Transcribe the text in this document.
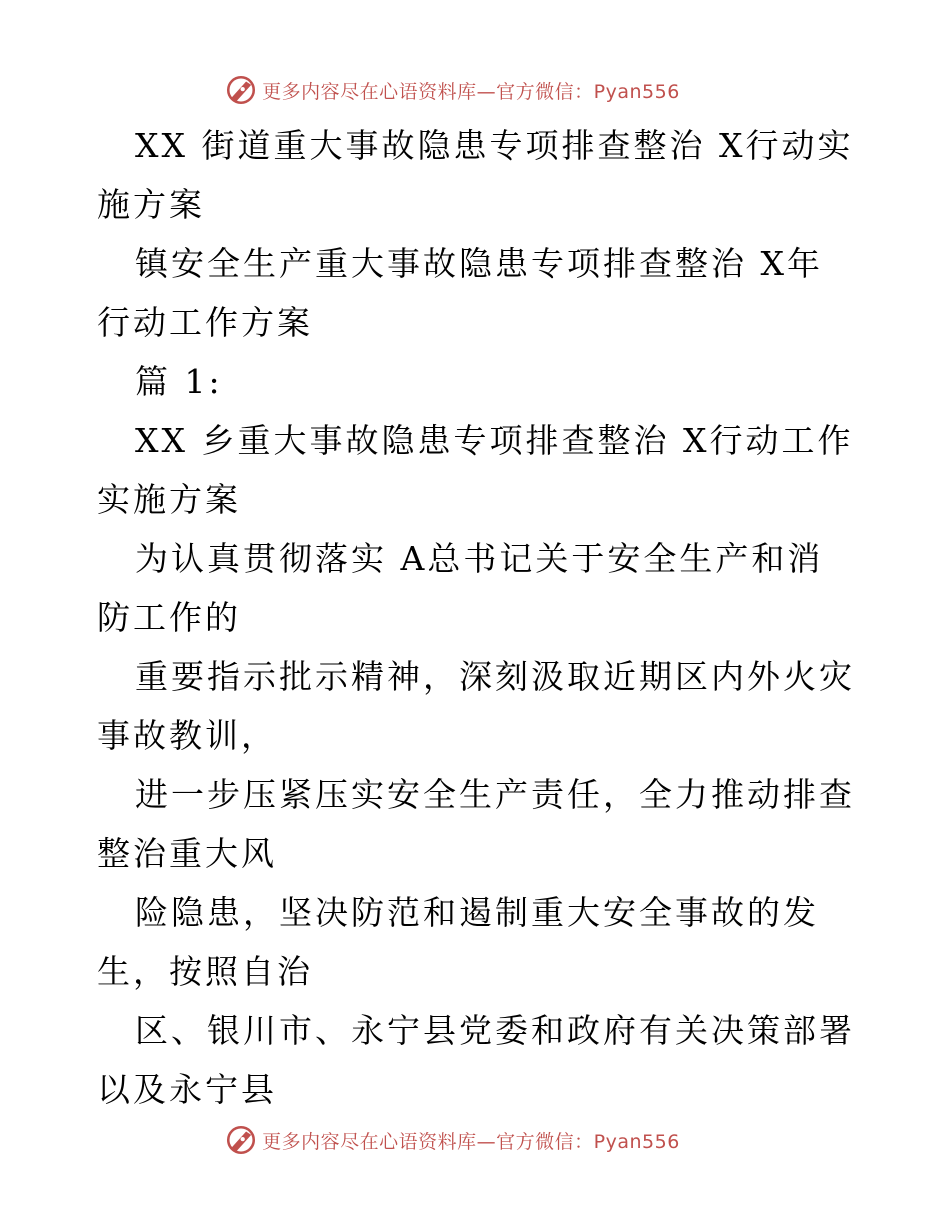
更多内容尽在心语资料库—官方微信：Pyan556

XX 街道重大事故隐患专项排查整治 X行动实施方案

镇安全生产重大事故隐患专项排查整治 X年行动工作方案

篇 1:

XX 乡重大事故隐患专项排查整治 X行动工作实施方案

为认真贯彻落实 A总书记关于安全生产和消防工作的

重要指示批示精神，深刻汲取近期区内外火灾事故教训，

进一步压紧压实安全生产责任，全力推动排查整治重大风

险隐患，坚决防范和遏制重大安全事故的发生，按照自治

区、银川市、永宁县党委和政府有关决策部署以及永宁县

更多内容尽在心语资料库—官方微信：Pyan556
